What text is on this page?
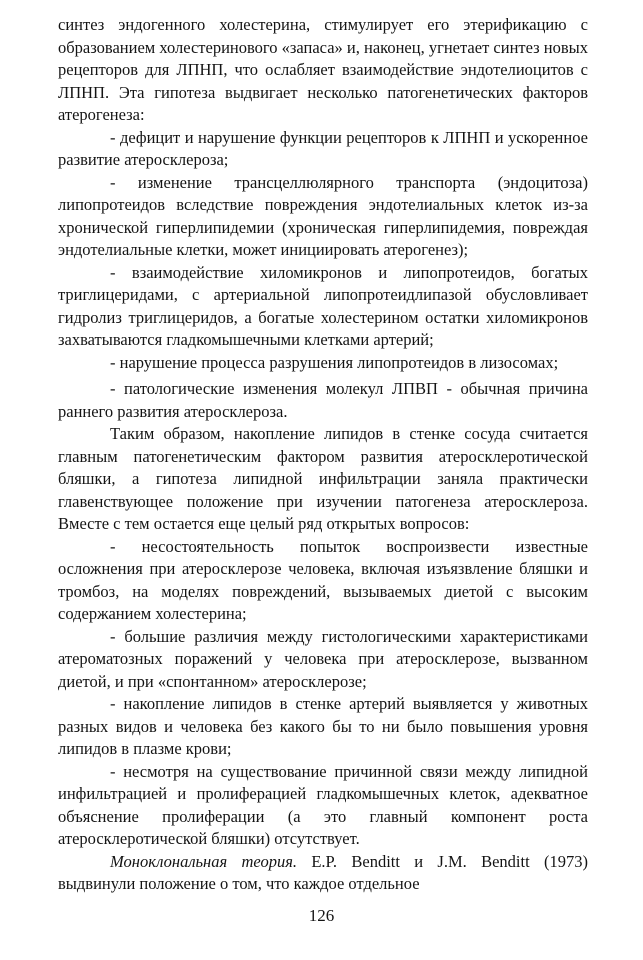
синтез эндогенного холестерина, стимулирует его этерификацию с образованием холестеринового «запаса» и, наконец, угнетает синтез новых рецепторов для ЛПНП, что ослабляет взаимодействие эндотелиоцитов с ЛПНП. Эта гипотеза выдвигает несколько патогенетических факторов атерогенеза:

- дефицит и нарушение функции рецепторов к ЛПНП и ускоренное развитие атеросклероза;

- изменение трансцеллюлярного транспорта (эндоцитоза) липопротеидов вследствие повреждения эндотелиальных клеток из-за хронической гиперлипидемии (хроническая гиперлипидемия, повреждая эндотелиальные клетки, может инициировать атерогенез);

- взаимодействие хиломикронов и липопротеидов, богатых триглицеридами, с артериальной липопротеидлипазой обусловливает гидролиз триглицеридов, а богатые холестерином остатки хиломикронов захватываются гладкомышечными клетками артерий;

- нарушение процесса разрушения липопротеидов в лизосомах;

- патологические изменения молекул ЛПВП - обычная причина раннего развития атеросклероза.

Таким образом, накопление липидов в стенке сосуда считается главным патогенетическим фактором развития атеросклеротической бляшки, а гипотеза липидной инфильтрации заняла практически главенствующее положение при изучении патогенеза атеросклероза. Вместе с тем остается еще целый ряд открытых вопросов:

- несостоятельность попыток воспроизвести известные осложнения при атеросклерозе человека, включая изъязвление бляшки и тромбоз, на моделях повреждений, вызываемых диетой с высоким содержанием холестерина;

- большие различия между гистологическими характеристиками атероматозных поражений у человека при атеросклерозе, вызванном диетой, и при «спонтанном» атеросклерозе;

- накопление липидов в стенке артерий выявляется у животных разных видов и человека без какого бы то ни было повышения уровня липидов в плазме крови;

- несмотря на существование причинной связи между липидной инфильтрацией и пролиферацией гладкомышечных клеток, адекватное объяснение пролиферации (а это главный компонент роста атеросклеротической бляшки) отсутствует.

Моноклональная теория. E.P. Benditt и J.M. Benditt (1973) выдвинули положение о том, что каждое отдельное

126
